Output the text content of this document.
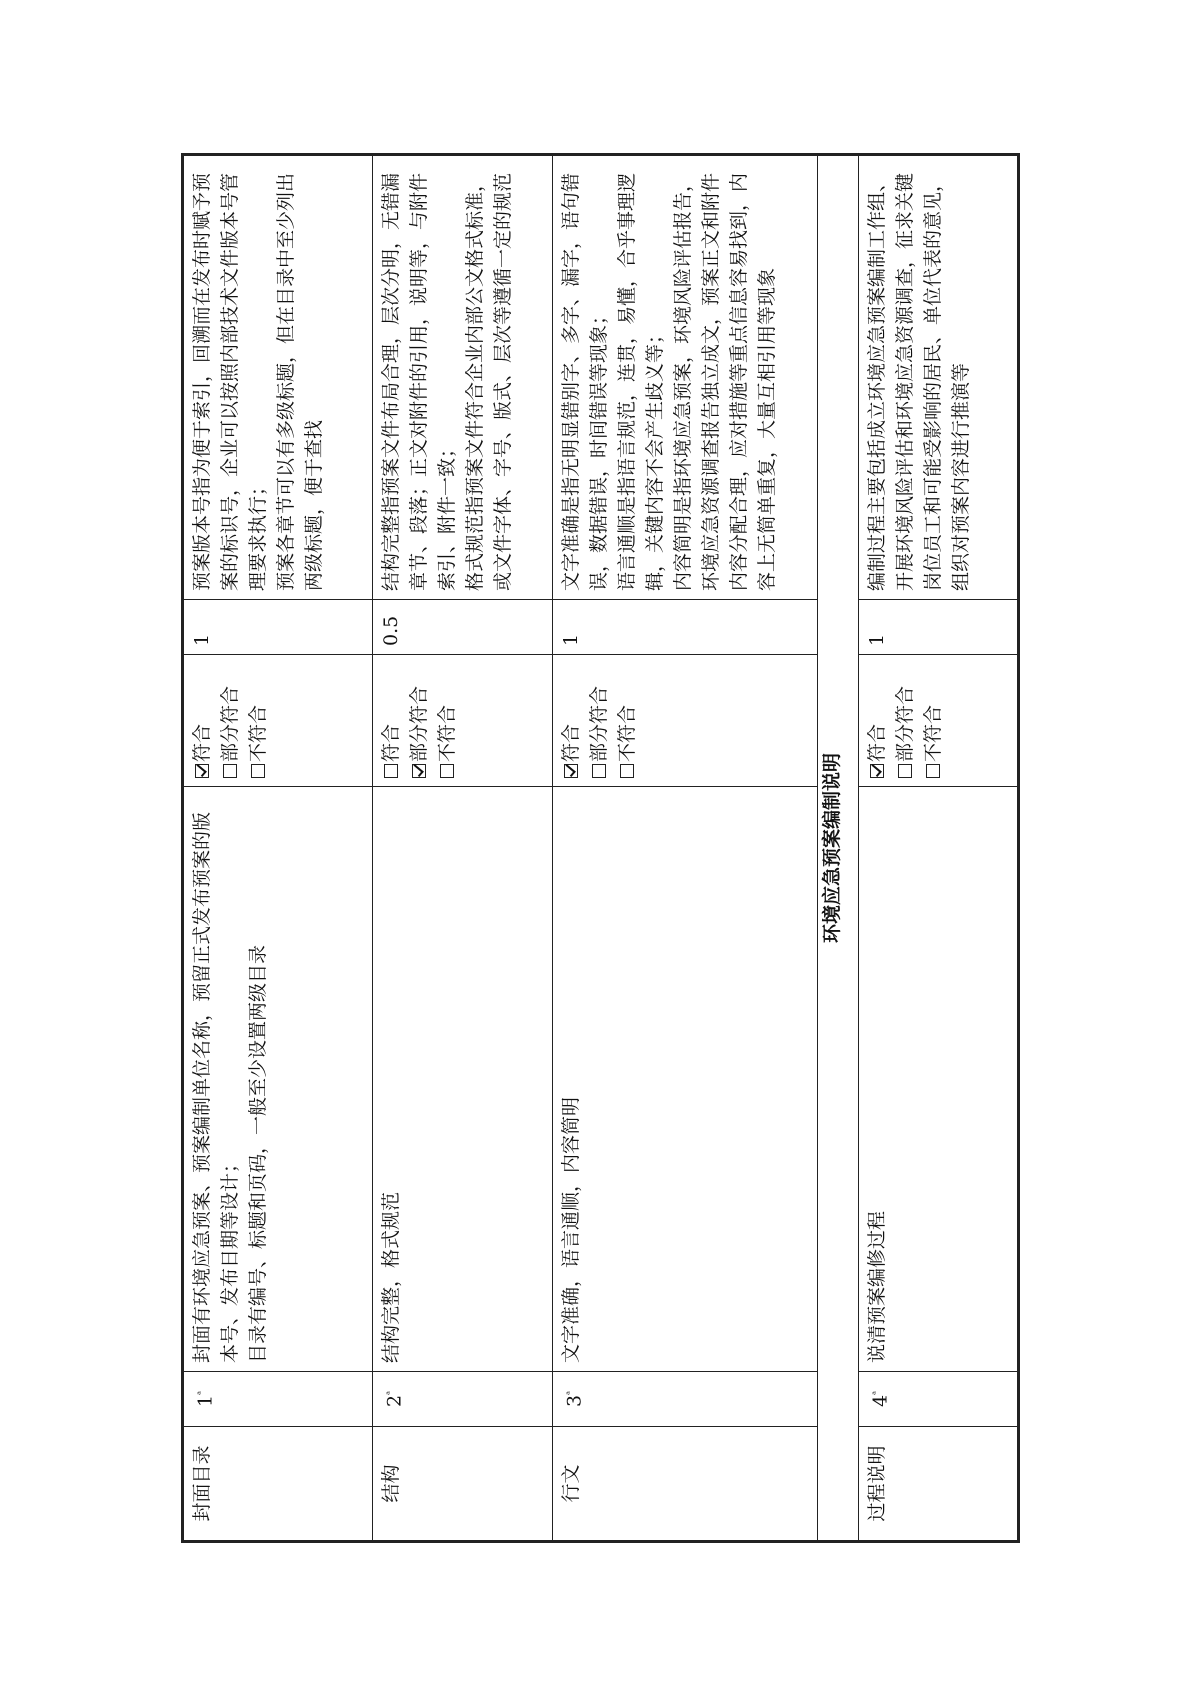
封面目录	$1^ᵃ$	封面有环境应急预案、预案编制单位名称，预留正式发布预案的版本号、发布日期等设计； 目录有编号、标题和页码，一般至少设置两级目录	符合 部分符合 不符合	1	预案版本号指为便于索引，回溯而在发布时赋予预案的标识号，企业可以按照内部技术文件版本号管理要求执行； 预案各章节可以有多级标题，但在目录中至少列出两级标题，便于查找

结构	$2^ᵃ$	结构完整，格式规范	符合 部分符合 不符合	0.5	结构完整指预案文件布局合理，层次分明，无错漏章节、段落；正文对附件的引用，说明等，与附件索引、附件一致； 格式规范指预案文件符合企业内部公文格式标准，或文件字体、字号、版式、层次等遵循一定的规范

行文	$3^ᵃ$	文字准确，语言通顺，内容简明	符合 部分符合 不符合	1	文字准确是指无明显错别字、多字、漏字，语句错误，数据错误，时间错误等现象； 语言通顺是指语言规范，连贯，易懂，合乎事理逻辑，关键内容不会产生歧义等； 内容简明是指环境应急预案，环境风险评估报告，环境应急资源调查报告独立成文，预案正文和附件内容分配合理，应对措施等重点信息容易找到，内容上无简单重复，大量互相引用等现象

环境应急预案编制说明					
过程说明	$4^ᵃ$	说清预案编修过程	符合 部分符合 不符合	1	编制过程主要包括成立环境应急预案编制工作组、开展环境风险评估和环境应急资源调查，征求关键岗位员工和可能受影响的居民、单位代表的意见，组织对预案内容进行推演等
